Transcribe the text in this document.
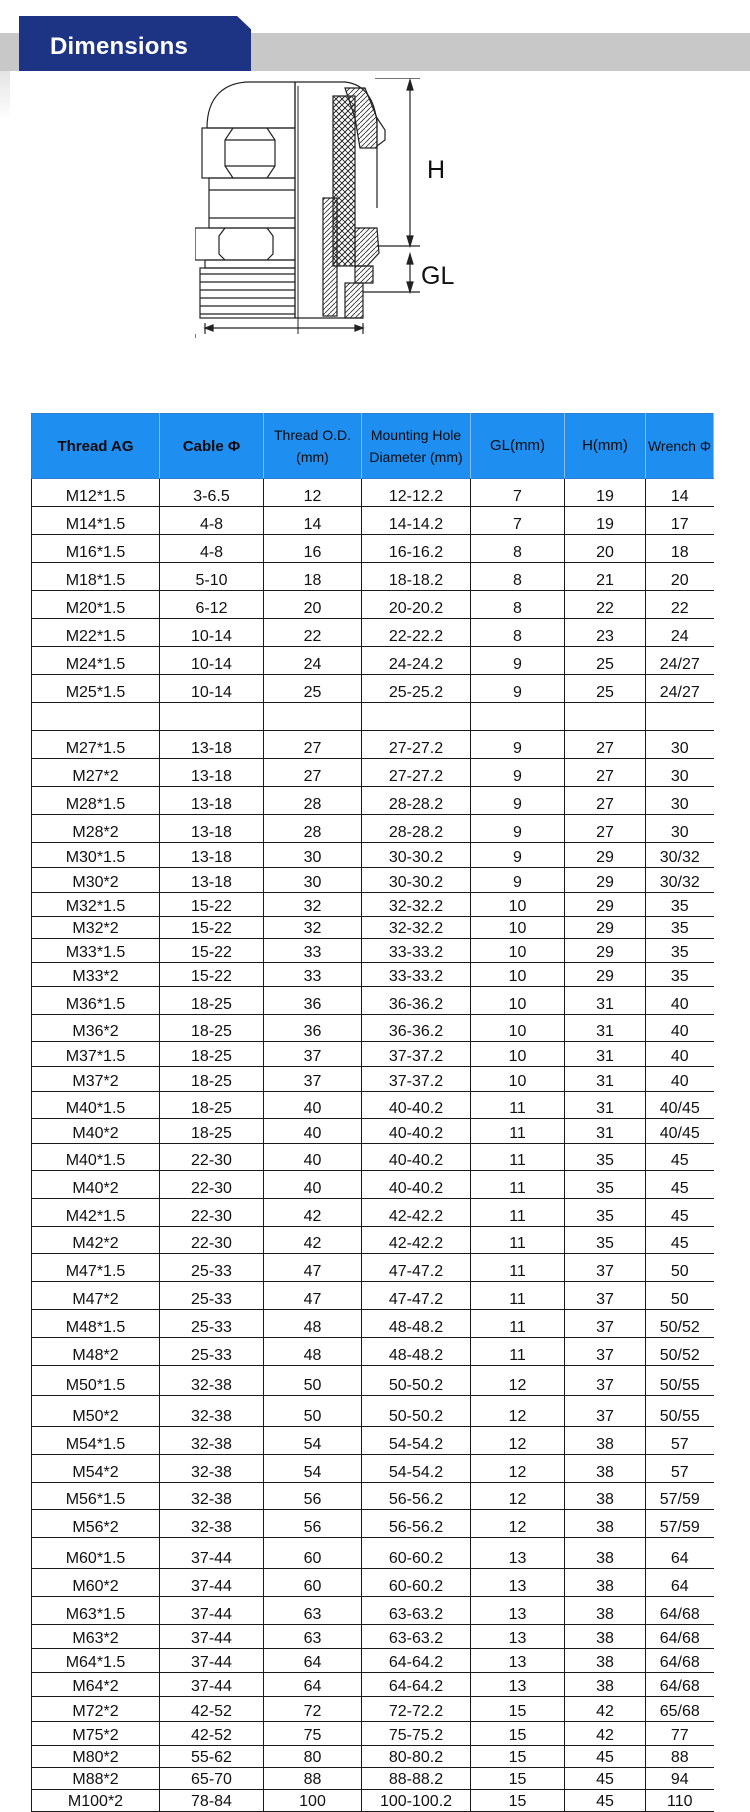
Dimensions
H
GL
Thread AG	Cable Φ	Thread O.D. (mm)	Mounting Hole Diameter (mm)	GL(mm)	H(mm)	Wrench Φ
M12*1.5	3-6.5	12	12-12.2	7	19	14
M14*1.5	4-8	14	14-14.2	7	19	17
M16*1.5	4-8	16	16-16.2	8	20	18
M18*1.5	5-10	18	18-18.2	8	21	20
M20*1.5	6-12	20	20-20.2	8	22	22
M22*1.5	10-14	22	22-22.2	8	23	24
M24*1.5	10-14	24	24-24.2	9	25	24/27
M25*1.5	10-14	25	25-25.2	9	25	24/27

M27*1.5	13-18	27	27-27.2	9	27	30
M27*2	13-18	27	27-27.2	9	27	30
M28*1.5	13-18	28	28-28.2	9	27	30
M28*2	13-18	28	28-28.2	9	27	30
M30*1.5	13-18	30	30-30.2	9	29	30/32
M30*2	13-18	30	30-30.2	9	29	30/32
M32*1.5	15-22	32	32-32.2	10	29	35
M32*2	15-22	32	32-32.2	10	29	35
M33*1.5	15-22	33	33-33.2	10	29	35
M33*2	15-22	33	33-33.2	10	29	35
M36*1.5	18-25	36	36-36.2	10	31	40
M36*2	18-25	36	36-36.2	10	31	40
M37*1.5	18-25	37	37-37.2	10	31	40
M37*2	18-25	37	37-37.2	10	31	40
M40*1.5	18-25	40	40-40.2	11	31	40/45
M40*2	18-25	40	40-40.2	11	31	40/45
M40*1.5	22-30	40	40-40.2	11	35	45
M40*2	22-30	40	40-40.2	11	35	45
M42*1.5	22-30	42	42-42.2	11	35	45
M42*2	22-30	42	42-42.2	11	35	45
M47*1.5	25-33	47	47-47.2	11	37	50
M47*2	25-33	47	47-47.2	11	37	50
M48*1.5	25-33	48	48-48.2	11	37	50/52
M48*2	25-33	48	48-48.2	11	37	50/52
M50*1.5	32-38	50	50-50.2	12	37	50/55
M50*2	32-38	50	50-50.2	12	37	50/55
M54*1.5	32-38	54	54-54.2	12	38	57
M54*2	32-38	54	54-54.2	12	38	57
M56*1.5	32-38	56	56-56.2	12	38	57/59
M56*2	32-38	56	56-56.2	12	38	57/59
M60*1.5	37-44	60	60-60.2	13	38	64
M60*2	37-44	60	60-60.2	13	38	64
M63*1.5	37-44	63	63-63.2	13	38	64/68
M63*2	37-44	63	63-63.2	13	38	64/68
M64*1.5	37-44	64	64-64.2	13	38	64/68
M64*2	37-44	64	64-64.2	13	38	64/68
M72*2	42-52	72	72-72.2	15	42	65/68
M75*2	42-52	75	75-75.2	15	42	77
M80*2	55-62	80	80-80.2	15	45	88
M88*2	65-70	88	88-88.2	15	45	94
M100*2	78-84	100	100-100.2	15	45	110
